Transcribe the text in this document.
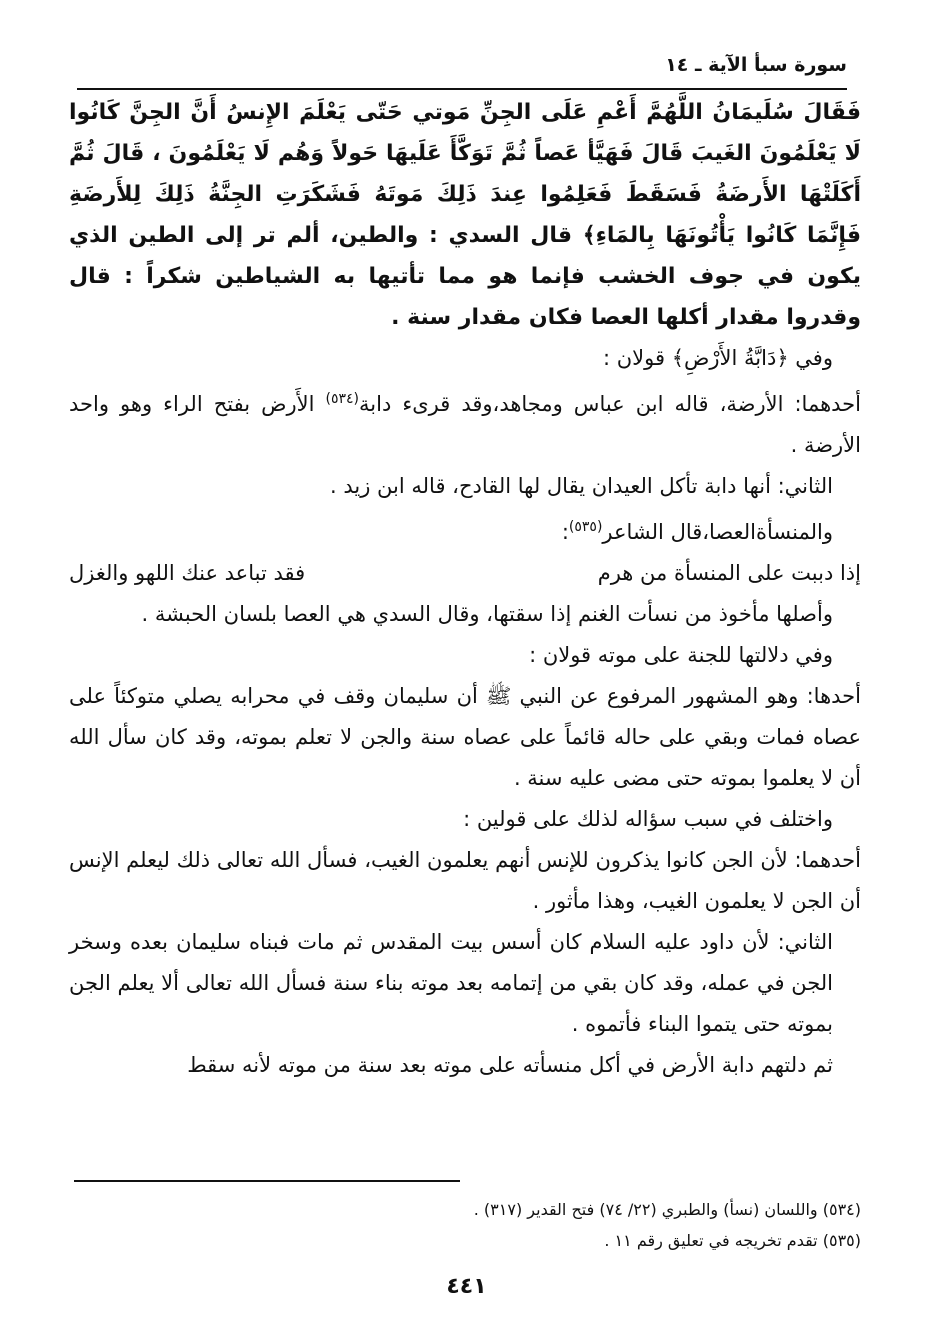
سورة سبأ الآية ـ ١٤

فَقَالَ سُلَيمَانُ اللَّهُمَّ أَعْمِ عَلَى الجِنِّ مَوتي حَتّى يَعْلَمَ الإِنسُ أَنَّ الجِنَّ كَانُوا لَا يَعْلَمُونَ الغَيبَ قَالَ فَهَيَّأ عَصاً ثُمَّ تَوَكَّأَ عَلَيهَا حَولاً وَهُم لَا يَعْلَمُونَ ، قَالَ ثُمَّ أَكَلَتْهَا الأَرضَةُ فَسَقَطَ فَعَلِمُوا عِندَ ذَلِكَ مَوتَهُ فَشَكَرَتِ الجِنَّةُ ذَلِكَ لِلأَرضَةِ فَإِنَّمَا كَانُوا يَأْتُونَهَا بِالمَاءِ﴾ قال السدي : والطين، ألم تر إلى الطين الذي يكون في جوف الخشب فإنما هو مما تأتيها به الشياطين شكراً : قال وقدروا مقدار أكلها العصا فكان مقدار سنة .

وفي ﴿دَابَّةُ الأَرْضِ﴾ قولان :

أحدهما: الأرضة، قاله ابن عباس ومجاهد،وقد قرىء دابة$^{(٥٣٤)}$ الأَرض بفتح الراء وهو واحد الأرضة .

الثاني: أنها دابة تأكل العيدان يقال لها القادح، قاله ابن زيد .

والمنسأةالعصا،قال الشاعر$^{(٥٣٥)}$:

إذا دببت على المنسأة من هرم
فقد تباعد عنك اللهو والغزل

وأصلها مأخوذ من نسأت الغنم إذا سقتها، وقال السدي هي العصا بلسان الحبشة .

وفي دلالتها للجنة على موته قولان :

أحدها: وهو المشهور المرفوع عن النبي ﷺ أن سليمان وقف في محرابه يصلي متوكئاً على عصاه فمات وبقي على حاله قائماً على عصاه سنة والجن لا تعلم بموته، وقد كان سأل الله أن لا يعلموا بموته حتى مضى عليه سنة .

واختلف في سبب سؤاله لذلك على قولين :

أحدهما: لأن الجن كانوا يذكرون للإنس أنهم يعلمون الغيب، فسأل الله تعالى ذلك ليعلم الإنس أن الجن لا يعلمون الغيب، وهذا مأثور .

الثاني: لأن داود عليه السلام كان أسس بيت المقدس ثم مات فبناه سليمان بعده وسخر الجن في عمله، وقد كان بقي من إتمامه بعد موته بناء سنة فسأل الله تعالى ألا يعلم الجن بموته حتى يتموا البناء فأتموه .

ثم دلتهم دابة الأرض في أكل منسأته على موته بعد سنة من موته لأنه سقط

(٥٣٤) واللسان (نسأ) والطبري (٢٢/ ٧٤) فتح القدير (٣١٧) .

(٥٣٥) تقدم تخريجه في تعليق رقم ١١ .

٤٤١
